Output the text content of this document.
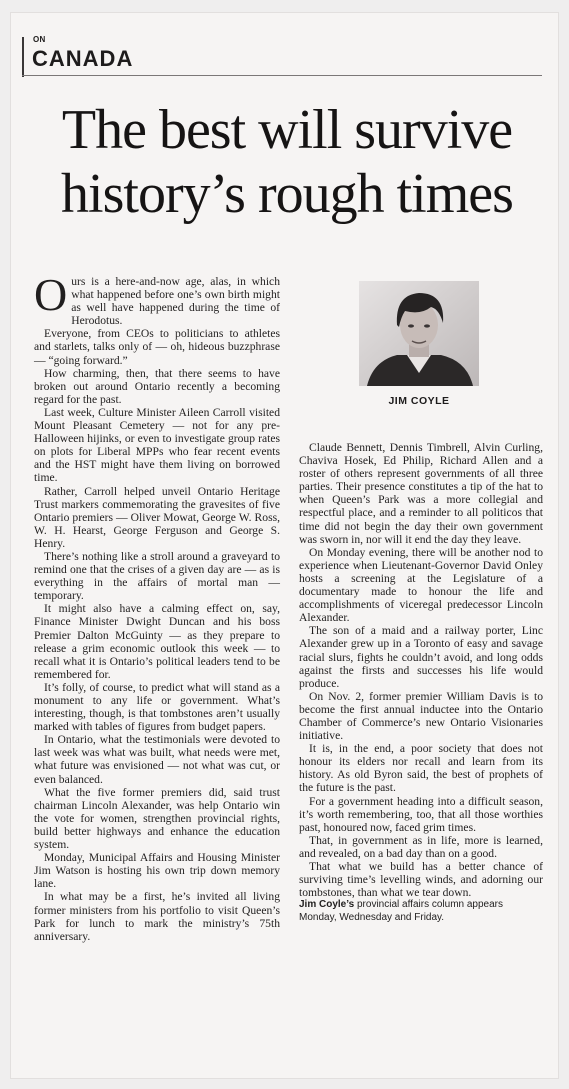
ON
CANADA
The best will survive
history’s rough times

Ours is a here-and-now age, alas, in which what happened before one’s own birth might as well have happened during the time of Herodotus.

Everyone, from CEOs to politicians to athletes and starlets, talks only of — oh, hideous buzzphrase — “going forward.”

How charming, then, that there seems to have broken out around Ontario recently a becoming regard for the past.

Last week, Culture Minister Aileen Carroll visited Mount Pleasant Cemetery — not for any pre-Halloween hijinks, or even to investigate group rates on plots for Liberal MPPs who fear recent events and the HST might have them living on borrowed time.

Rather, Carroll helped unveil Ontario Heritage Trust markers commemorating the gravesites of five Ontario premiers — Oliver Mowat, George W. Ross, W. H. Hearst, George Ferguson and George S. Henry.

There’s nothing like a stroll around a graveyard to remind one that the crises of a given day are — as is everything in the affairs of mortal man — temporary.

It might also have a calming effect on, say, Finance Minister Dwight Duncan and his boss Premier Dalton McGuinty — as they prepare to release a grim economic outlook this week — to recall what it is Ontario’s political leaders tend to be remembered for.

It’s folly, of course, to predict what will stand as a monument to any life or government. What’s interesting, though, is that tombstones aren’t usually marked with tables of figures from budget papers.

In Ontario, what the testimonials were devoted to last week was what was built, what needs were met, what future was envisioned — not what was cut, or even balanced.

What the five former premiers did, said trust chairman Lincoln Alexander, was help Ontario win the vote for women, strengthen provincial rights, build better highways and enhance the education system.

Monday, Municipal Affairs and Housing Minister Jim Watson is hosting his own trip down memory lane.

In what may be a first, he’s invited all living former ministers from his portfolio to visit Queen’s Park for lunch to mark the ministry’s 75th anniversary.

JIM COYLE

Claude Bennett, Dennis Timbrell, Alvin Curling, Chaviva Hosek, Ed Philip, Richard Allen and a roster of others represent governments of all three parties. Their presence constitutes a tip of the hat to when Queen’s Park was a more collegial and respectful place, and a reminder to all politicos that time did not begin the day their own government was sworn in, nor will it end the day they leave.

On Monday evening, there will be another nod to experience when Lieutenant-Governor David Onley hosts a screening at the Legislature of a documentary made to honour the life and accomplishments of viceregal predecessor Lincoln Alexander.

The son of a maid and a railway porter, Linc Alexander grew up in a Toronto of easy and savage racial slurs, fights he couldn’t avoid, and long odds against the firsts and successes his life would produce.

On Nov. 2, former premier William Davis is to become the first annual inductee into the Ontario Chamber of Commerce’s new Ontario Visionaries initiative.

It is, in the end, a poor society that does not honour its elders nor recall and learn from its history. As old Byron said, the best of prophets of the future is the past.

For a government heading into a difficult season, it’s worth remembering, too, that all those worthies past, honoured now, faced grim times.

That, in government as in life, more is learned, and revealed, on a bad day than on a good.

That what we build has a better chance of surviving time’s levelling winds, and adorning our tombstones, than what we tear down.

Jim Coyle’s provincial affairs column appears Monday, Wednesday and Friday.
